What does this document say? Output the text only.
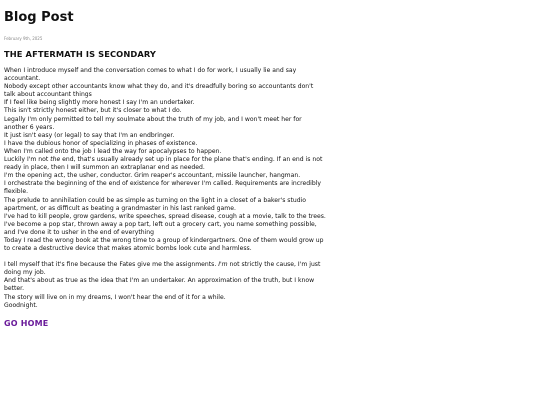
Blog Post
February 9th, 2025
THE AFTERMATH IS SECONDARY

When I introduce myself and the conversation comes to what I do for work, I usually lie and say accountant.

Nobody except other accountants know what they do, and it's dreadfully boring so accountants don't talk about accountant things

If I feel like being slightly more honest I say I'm an undertaker.

This isn't strictly honest either, but it's closer to what I do.

Legally I'm only permitted to tell my soulmate about the truth of my job, and I won't meet her for another 6 years.

It just isn't easy (or legal) to say that I'm an endbringer.

I have the dubious honor of specializing in phases of existence.

When I'm called onto the job I lead the way for apocalypses to happen.

Luckily I'm not the end, that's usually already set up in place for the plane that's ending. If an end is not ready in place, then I will summon an extraplanar end as needed.

I'm the opening act, the usher, conductor. Grim reaper's accountant, missile launcher, hangman.

I orchestrate the beginning of the end of existence for wherever I'm called. Requirements are incredibly flexible.

The prelude to annihilation could be as simple as turning on the light in a closet of a baker's studio apartment, or as difficult as beating a grandmaster in his last ranked game.

I've had to kill people, grow gardens, write speeches, spread disease, cough at a movie, talk to the trees.

I've become a pop star, thrown away a pop tart, left out a grocery cart, you name something possible, and I've done it to usher in the end of everything

Today I read the wrong book at the wrong time to a group of kindergartners. One of them would grow up to create a destructive device that makes atomic bombs look cute and harmless.

I tell myself that it's fine because the Fates give me the assignments. I'm not strictly the cause, I'm just doing my job.

And that's about as true as the idea that I'm an undertaker. An approximation of the truth, but I know better.

The story will live on in my dreams, I won't hear the end of it for a while.

Goodnight.

GO HOME
